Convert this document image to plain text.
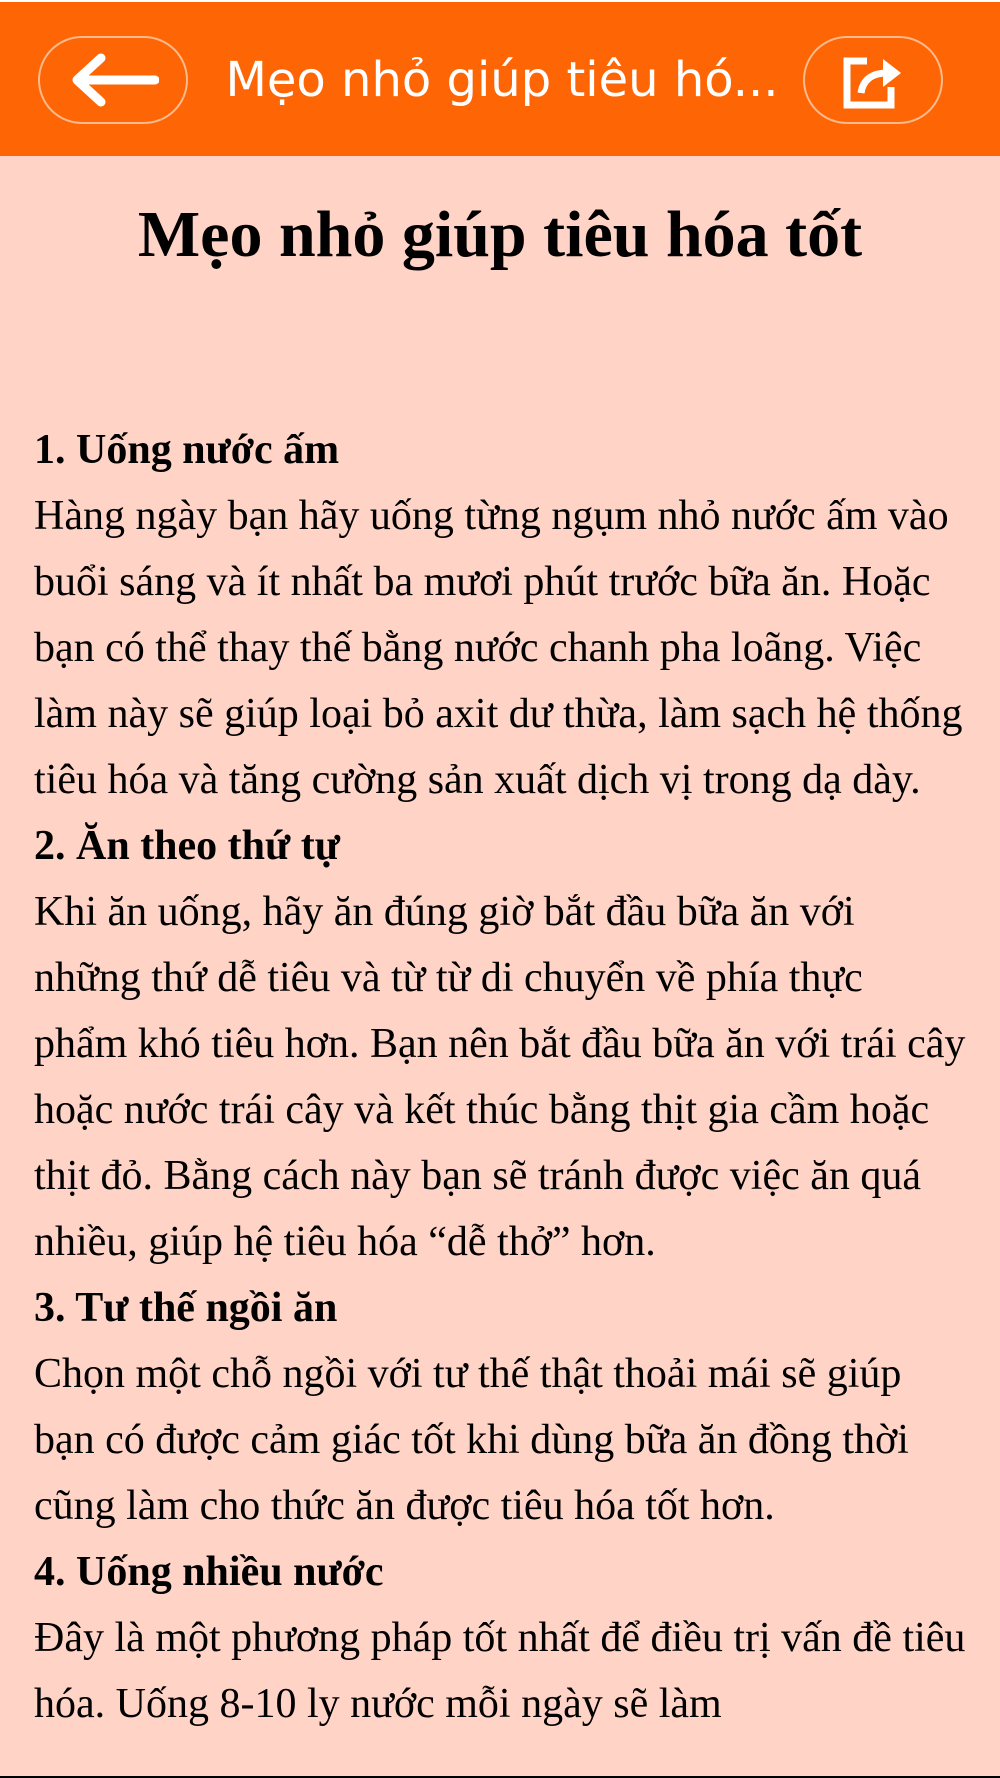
Mẹo nhỏ giúp tiêu hó...
Mẹo nhỏ giúp tiêu hóa tốt

1. Uống nước ấm

Hàng ngày bạn hãy uống từng ngụm nhỏ nước ấm vào buổi sáng và ít nhất ba mươi phút trước bữa ăn. Hoặc bạn có thể thay thế bằng nước chanh pha loãng. Việc làm này sẽ giúp loại bỏ axit dư thừa, làm sạch hệ thống tiêu hóa và tăng cường sản xuất dịch vị trong dạ dày.

2. Ăn theo thứ tự

Khi ăn uống, hãy ăn đúng giờ bắt đầu bữa ăn với những thứ dễ tiêu và từ từ di chuyển về phía thực phẩm khó tiêu hơn. Bạn nên bắt đầu bữa ăn với trái cây hoặc nước trái cây và kết thúc bằng thịt gia cầm hoặc thịt đỏ. Bằng cách này bạn sẽ tránh được việc ăn quá nhiều, giúp hệ tiêu hóa “dễ thở” hơn.

3. Tư thế ngồi ăn

Chọn một chỗ ngồi với tư thế thật thoải mái sẽ giúp bạn có được cảm giác tốt khi dùng bữa ăn đồng thời cũng làm cho thức ăn được tiêu hóa tốt hơn.

4. Uống nhiều nước

Đây là một phương pháp tốt nhất để điều trị vấn đề tiêu hóa. Uống 8-10 ly nước mỗi ngày sẽ làm
